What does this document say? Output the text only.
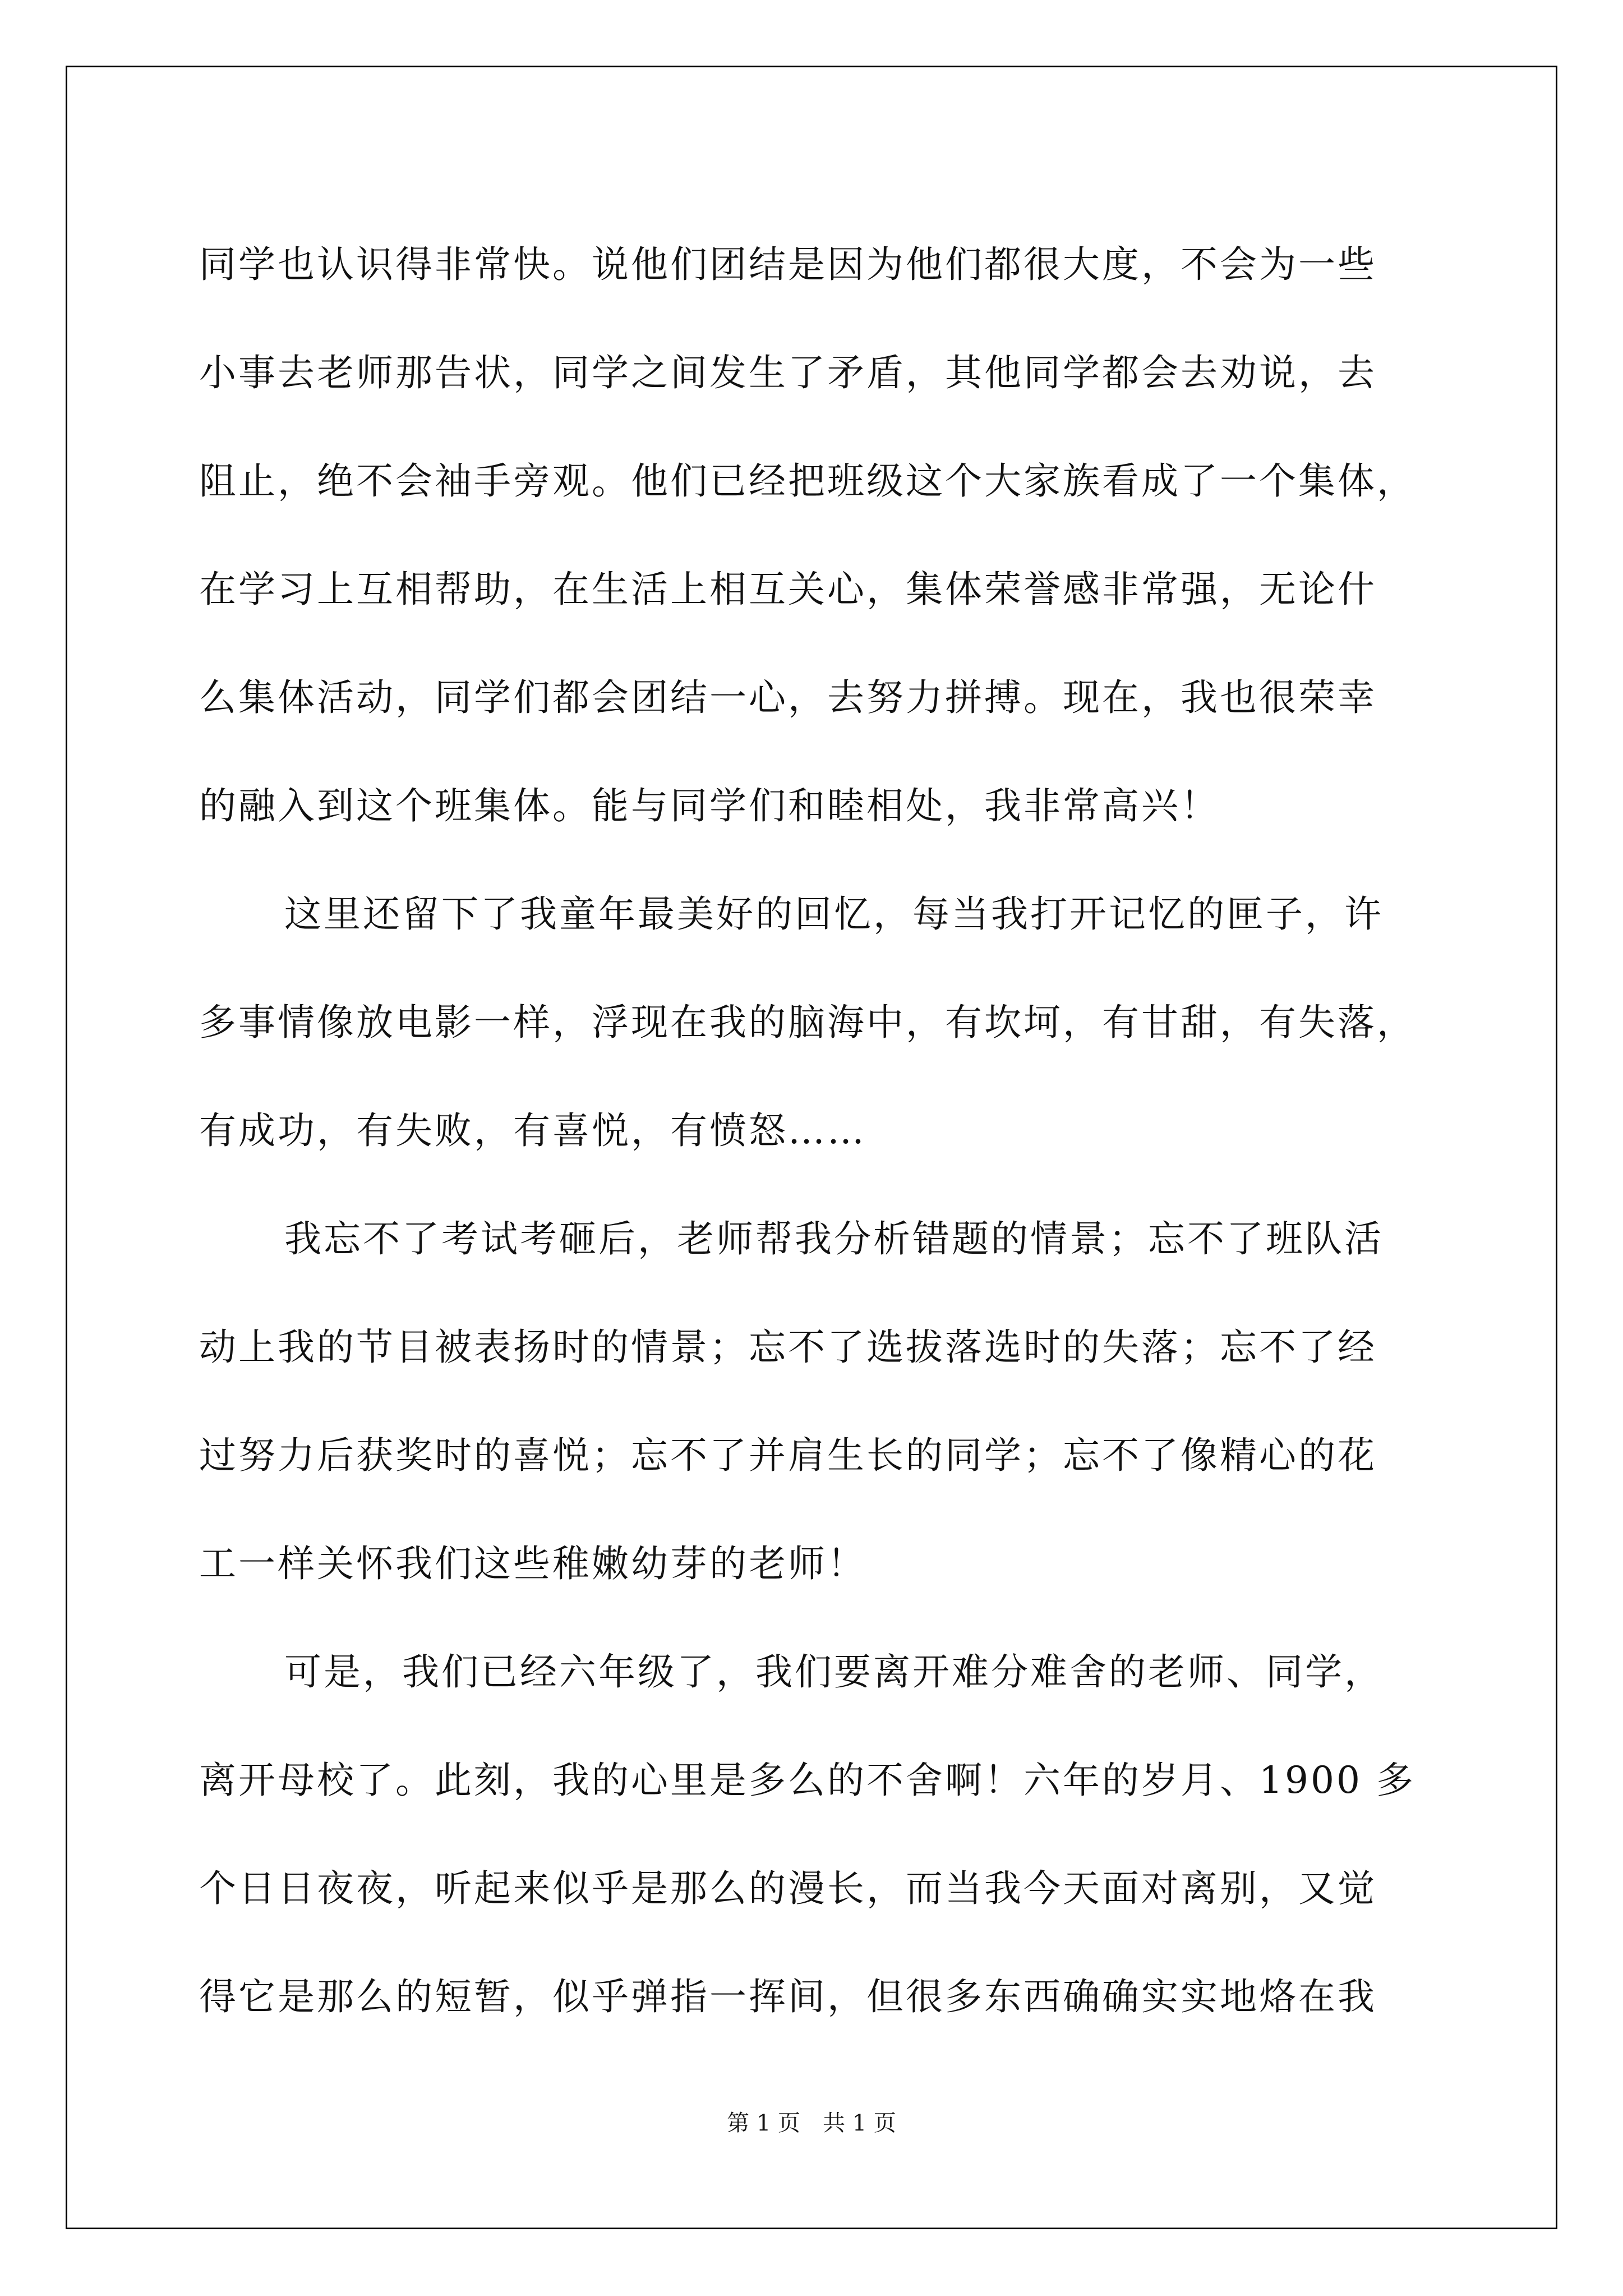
同学也认识得非常快。说他们团结是因为他们都很大度，不会为一些
小事去老师那告状，同学之间发生了矛盾，其他同学都会去劝说，去
阻止，绝不会袖手旁观。他们已经把班级这个大家族看成了一个集体，
在学习上互相帮助，在生活上相互关心，集体荣誉感非常强，无论什
么集体活动，同学们都会团结一心，去努力拼搏。现在，我也很荣幸
的融入到这个班集体。能与同学们和睦相处，我非常高兴！
这里还留下了我童年最美好的回忆，每当我打开记忆的匣子，许
多事情像放电影一样，浮现在我的脑海中，有坎坷，有甘甜，有失落，
有成功，有失败，有喜悦，有愤怒……
我忘不了考试考砸后，老师帮我分析错题的情景；忘不了班队活
动上我的节目被表扬时的情景；忘不了选拔落选时的失落；忘不了经
过努力后获奖时的喜悦；忘不了并肩生长的同学；忘不了像精心的花
工一样关怀我们这些稚嫩幼芽的老师！
可是，我们已经六年级了，我们要离开难分难舍的老师、同学，
离开母校了。此刻，我的心里是多么的不舍啊！六年的岁月、1900 多
个日日夜夜，听起来似乎是那么的漫长，而当我今天面对离别，又觉
得它是那么的短暂，似乎弹指一挥间，但很多东西确确实实地烙在我
第 1 页　共 1 页
